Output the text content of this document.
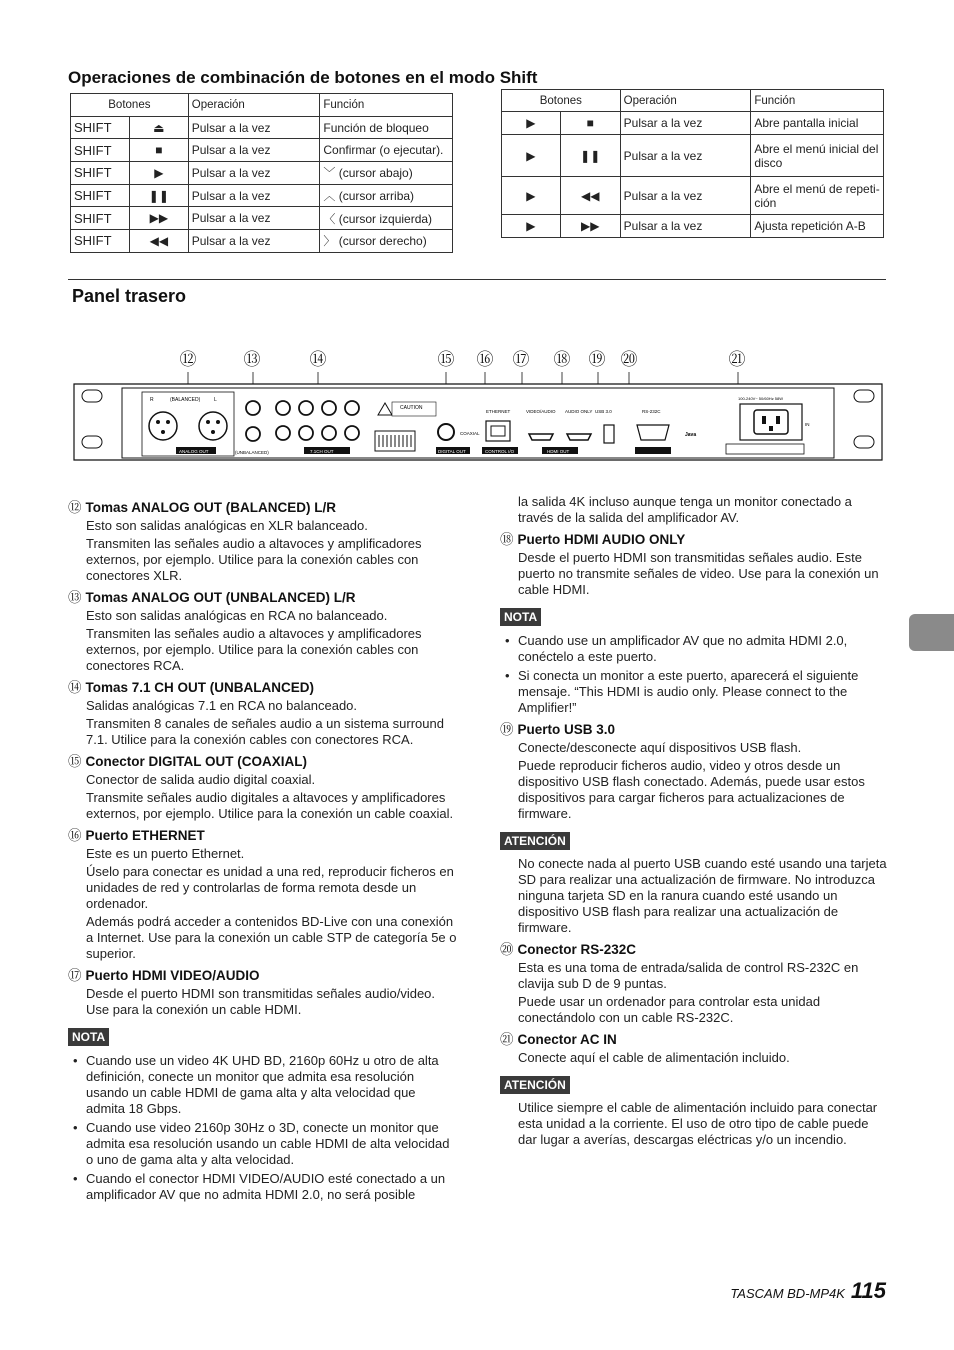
Operaciones de combinación de botones en el modo Shift
Botones		Operación	Función
SHIFT	⏏	Pulsar a la vez	Función de bloqueo
SHIFT	■	Pulsar a la vez	Confirmar (o ejecutar).
SHIFT	▶	Pulsar a la vez	﹀ (cursor abajo)
SHIFT	❚❚	Pulsar a la vez	︿ (cursor arriba)
SHIFT	▶▶	Pulsar a la vez	〈 (cursor izquierda)
SHIFT	◀◀	Pulsar a la vez	〉 (cursor derecho)
Botones		Operación	Función
▶	■	Pulsar a la vez	Abre pantalla inicial
▶	❚❚	Pulsar a la vez	Abre el menú inicial del disco
▶	◀◀	Pulsar a la vez	Abre el menú de repeti-ción
▶	▶▶	Pulsar a la vez	Ajusta repetición A-B
Panel trasero
⑫	⑬	⑭	⑮ ⑯ ⑰ ⑱ ⑲ ⑳	㉑
R	L
(BALANCED)
ANALOG OUT	(UNBALANCED)	7.1CH OUT
CAUTION
COAXIAL
DIGITAL OUT
ETHERNET
CONTROL I/O
VIDEO/AUDIO AUDIO ONLY
HDMI OUT
USB 3.0	RS-232C
Java
100-240V~ 50/60Hz 58W
IN
⑫ Tomas ANALOG OUT (BALANCED) L/R
Esto son salidas analógicas en XLR balanceado.
Transmiten las señales audio a altavoces y amplificadores externos, por ejemplo. Utilice para la conexión cables con conectores XLR.
⑬ Tomas ANALOG OUT (UNBALANCED) L/R
Esto son salidas analógicas en RCA no balanceado.
Transmiten las señales audio a altavoces y amplificadores externos, por ejemplo. Utilice para la conexión cables con conectores RCA.
⑭ Tomas 7.1 CH OUT (UNBALANCED)
Salidas analógicas 7.1 en RCA no balanceado.
Transmiten 8 canales de señales audio a un sistema surround 7.1. Utilice para la conexión cables con conectores RCA.
⑮ Conector DIGITAL OUT (COAXIAL)
Conector de salida audio digital coaxial.
Transmite señales audio digitales a altavoces y amplificadores externos, por ejemplo. Utilice para la conexión un cable coaxial.
⑯ Puerto ETHERNET
Este es un puerto Ethernet.
Úselo para conectar es unidad a una red, reproducir ficheros en unidades de red y controlarlas de forma remota desde un ordenador.
Además podrá acceder a contenidos BD-Live con una conexión a Internet. Use para la conexión un cable STP de categoría 5e o superior.
⑰ Puerto HDMI VIDEO/AUDIO
Desde el puerto HDMI son transmitidas señales audio/video. Use para la conexión un cable HDMI.
NOTA
• Cuando use un video 4K UHD BD, 2160p 60Hz u otro de alta definición, conecte un monitor que admita esa resolución usando un cable HDMI de gama alta y alta velocidad que admita 18 Gbps.
• Cuando use video 2160p 30Hz o 3D, conecte un monitor que admita esa resolución usando un cable HDMI de alta velocidad o uno de gama alta y alta velocidad.
• Cuando el conector HDMI VIDEO/AUDIO esté conectado a un amplificador AV que no admita HDMI 2.0, no será posible
la salida 4K incluso aunque tenga un monitor conectado a través de la salida del amplificador AV.
⑱ Puerto HDMI AUDIO ONLY
Desde el puerto HDMI son transmitidas señales audio. Este puerto no transmite señales de video. Use para la conexión un cable HDMI.
NOTA
• Cuando use un amplificador AV que no admita HDMI 2.0, conéctelo a este puerto.
• Si conecta un monitor a este puerto, aparecerá el siguiente mensaje. “This HDMI is audio only. Please connect to the Amplifier!”
⑲ Puerto USB 3.0
Conecte/desconecte aquí dispositivos USB flash.
Puede reproducir ficheros audio, video y otros desde un dispositivo USB flash conectado. Además, puede usar estos dispositivos para cargar ficheros para actualizaciones de firmware.
ATENCIÓN
No conecte nada al puerto USB cuando esté usando una tarjeta SD para realizar una actualización de firmware. No introduzca ninguna tarjeta SD en la ranura cuando esté usando un dispositivo USB flash para realizar una actualización de firmware.
⑳ Conector RS-232C
Esta es una toma de entrada/salida de control RS-232C en clavija sub D de 9 puntas.
Puede usar un ordenador para controlar esta unidad conectándolo con un cable RS-232C.
㉑ Conector AC IN
Conecte aquí el cable de alimentación incluido.
ATENCIÓN
Utilice siempre el cable de alimentación incluido para conectar esta unidad a la corriente. El uso de otro tipo de cable puede dar lugar a averías, descargas eléctricas y/o un incendio.
TASCAM BD-MP4K 115
